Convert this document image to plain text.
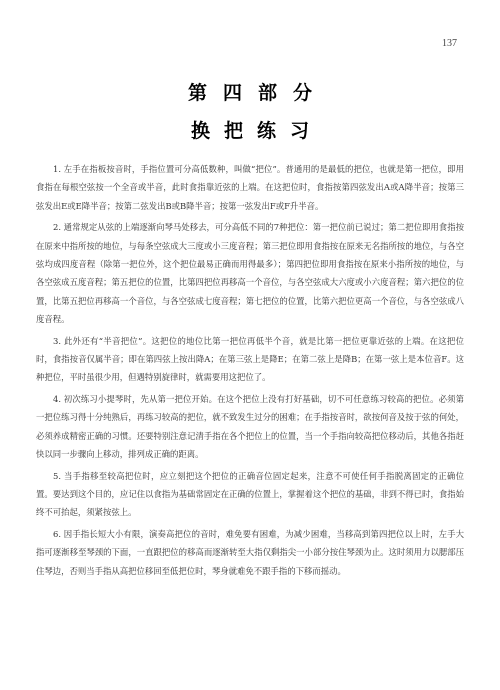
137
第四部分
换把练习

1. 左手在指板按音时，手指位置可分高低数种，叫做“把位”。普通用的是最低的把位，也就是第一把位，即用食指在每根空弦按一个全音或半音，此时食指靠近弦的上端。在这把位时，食指按第四弦发出A或A降半音；按第三弦发出E或E降半音；按第二弦发出B或B降半音；按第一弦发出F或F升半音。

2. 通常规定从弦的上端逐渐向琴马处移去，可分高低不同的7种把位：第一把位前已说过；第二把位即用食指按在原来中指所按的地位，与每条空弦成大三度或小三度音程；第三把位即用食指按在原来无名指所按的地位，与各空弦均成四度音程（除第一把位外，这个把位最易正确而用得最多）；第四把位即用食指按在原来小指所按的地位，与各空弦成五度音程；第五把位的位置，比第四把位再移高一个音位，与各空弦成大六度或小六度音程；第六把位的位置，比第五把位再移高一个音位，与各空弦成七度音程；第七把位的位置，比第六把位更高一个音位，与各空弦成八度音程。

3. 此外还有“半音把位”。这把位的地位比第一把位再低半个音，就是比第一把位更靠近弦的上端。在这把位时，食指按音仅属半音；即在第四弦上按出降A；在第三弦上是降E；在第二弦上是降B；在第一弦上是本位音F。这种把位，平时虽很少用，但遇特别旋律时，就需要用这把位了。

4. 初次练习小提琴时，先从第一把位开始。在这个把位上没有打好基础，切不可任意练习较高的把位。必须第一把位练习得十分纯熟后，再练习较高的把位，就不致发生过分的困难；在手指按音时，欲按何音及按于弦的何处，必须养成精密正确的习惯。还要特别注意记清手指在各个把位上的位置，当一个手指向较高把位移动后，其他各指赶快以同一步骤向上移动，排列成正确的距离。

5. 当手指移至较高把位时，应立刻把这个把位的正确音位固定起来，注意不可使任何手指脱离固定的正确位置。要达到这个目的，应记住以食指为基础常固定在正确的位置上，掌握着这个把位的基础，非到不得已时，食指始终不可抬起，须紧按弦上。

6. 因手指长短大小有限，演奏高把位的音时，难免要有困难，为减少困难，当移高到第四把位以上时，左手大指可逐渐移至琴颈的下面，一直跟把位的移高而逐渐转至大指仅剩指尖一小部分按住琴颈为止。这时须用力以腮部压住琴边，否则当手指从高把位移回至低把位时，琴身就难免不跟手指的下移而摇动。
